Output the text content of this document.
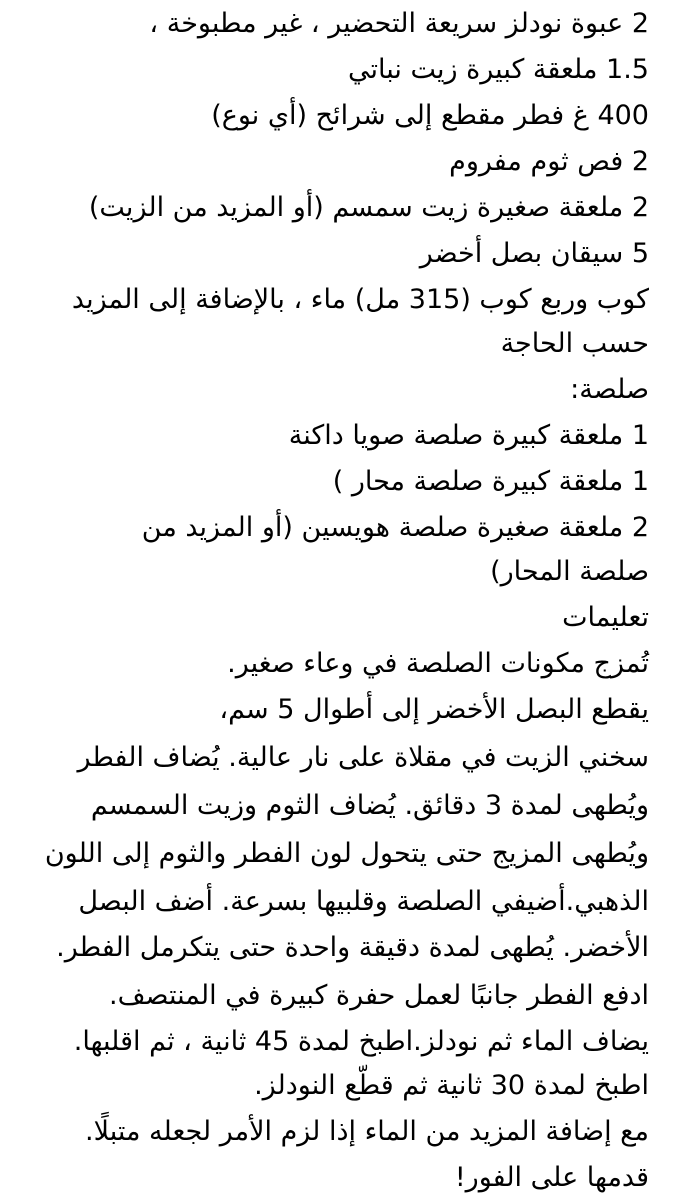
2 عبوة نودلز سريعة التحضير ، غير مطبوخة ،
1.5 ملعقة كبيرة زيت نباتي
400 غ فطر مقطع إلى شرائح (أي نوع)
2 فص ثوم مفروم
2 ملعقة صغيرة زيت سمسم (أو المزيد من الزيت)
5 سيقان بصل أخضر
كوب وربع كوب (315 مل) ماء ، بالإضافة إلى المزيد
حسب الحاجة
صلصة:
1 ملعقة كبيرة صلصة صويا داكنة
1 ملعقة كبيرة صلصة محار )
2 ملعقة صغيرة صلصة هويسين (أو المزيد من
صلصة المحار)
تعليمات
تُمزج مكونات الصلصة في وعاء صغير.
يقطع البصل الأخضر إلى أطوال 5 سم،
سخني الزيت في مقلاة على نار عالية. يُضاف الفطر
ويُطهى لمدة 3 دقائق. يُضاف الثوم وزيت السمسم
ويُطهى المزيج حتى يتحول لون الفطر والثوم إلى اللون
الذهبي.أضيفي الصلصة وقلبيها بسرعة. أضف البصل
الأخضر. يُطهى لمدة دقيقة واحدة حتى يتكرمل الفطر.
ادفع الفطر جانبًا لعمل حفرة كبيرة في المنتصف.
يضاف الماء ثم نودلز.اطبخ لمدة 45 ثانية ، ثم اقلبها.
اطبخ لمدة 30 ثانية ثم قطّع النودلز.
مع إضافة المزيد من الماء إذا لزم الأمر لجعله متبلًا.
قدمها على الفور!
